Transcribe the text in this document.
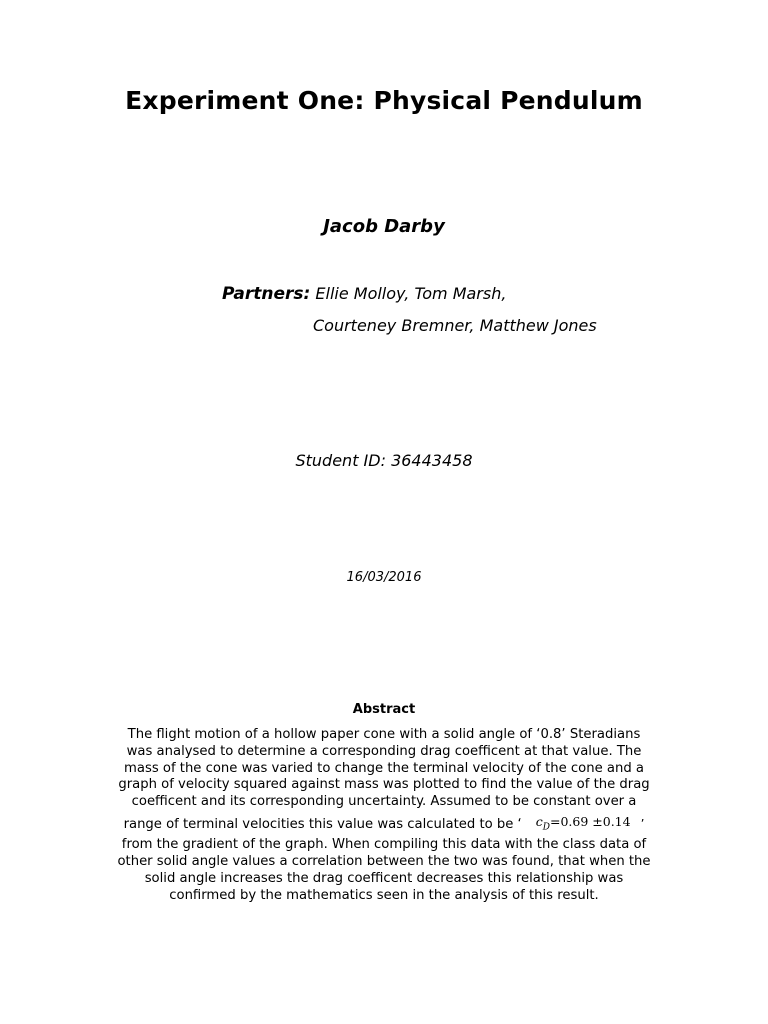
Experiment One: Physical Pendulum
Jacob Darby
Partners: Ellie Molloy, Tom Marsh,
Courteney Bremner, Matthew Jones
Student ID: 36443458
16/03/2016
Abstract
The flight motion of a hollow paper cone with a solid angle of ‘0.8’ Steradians
was analysed to determine a corresponding drag coefficent at that value. The
mass of the cone was varied to change the terminal velocity of the cone and a
graph of velocity squared against mass was plotted to find the value of the drag
coefficent and its corresponding uncertainty. Assumed to be constant over a
range of terminal velocities this value was calculated to be ‘ $c_D=0.69 \pm 0.14$ ’
from the gradient of the graph. When compiling this data with the class data of
other solid angle values a correlation between the two was found, that when the
solid angle increases the drag coefficent decreases this relationship was
confirmed by the mathematics seen in the analysis of this result.
